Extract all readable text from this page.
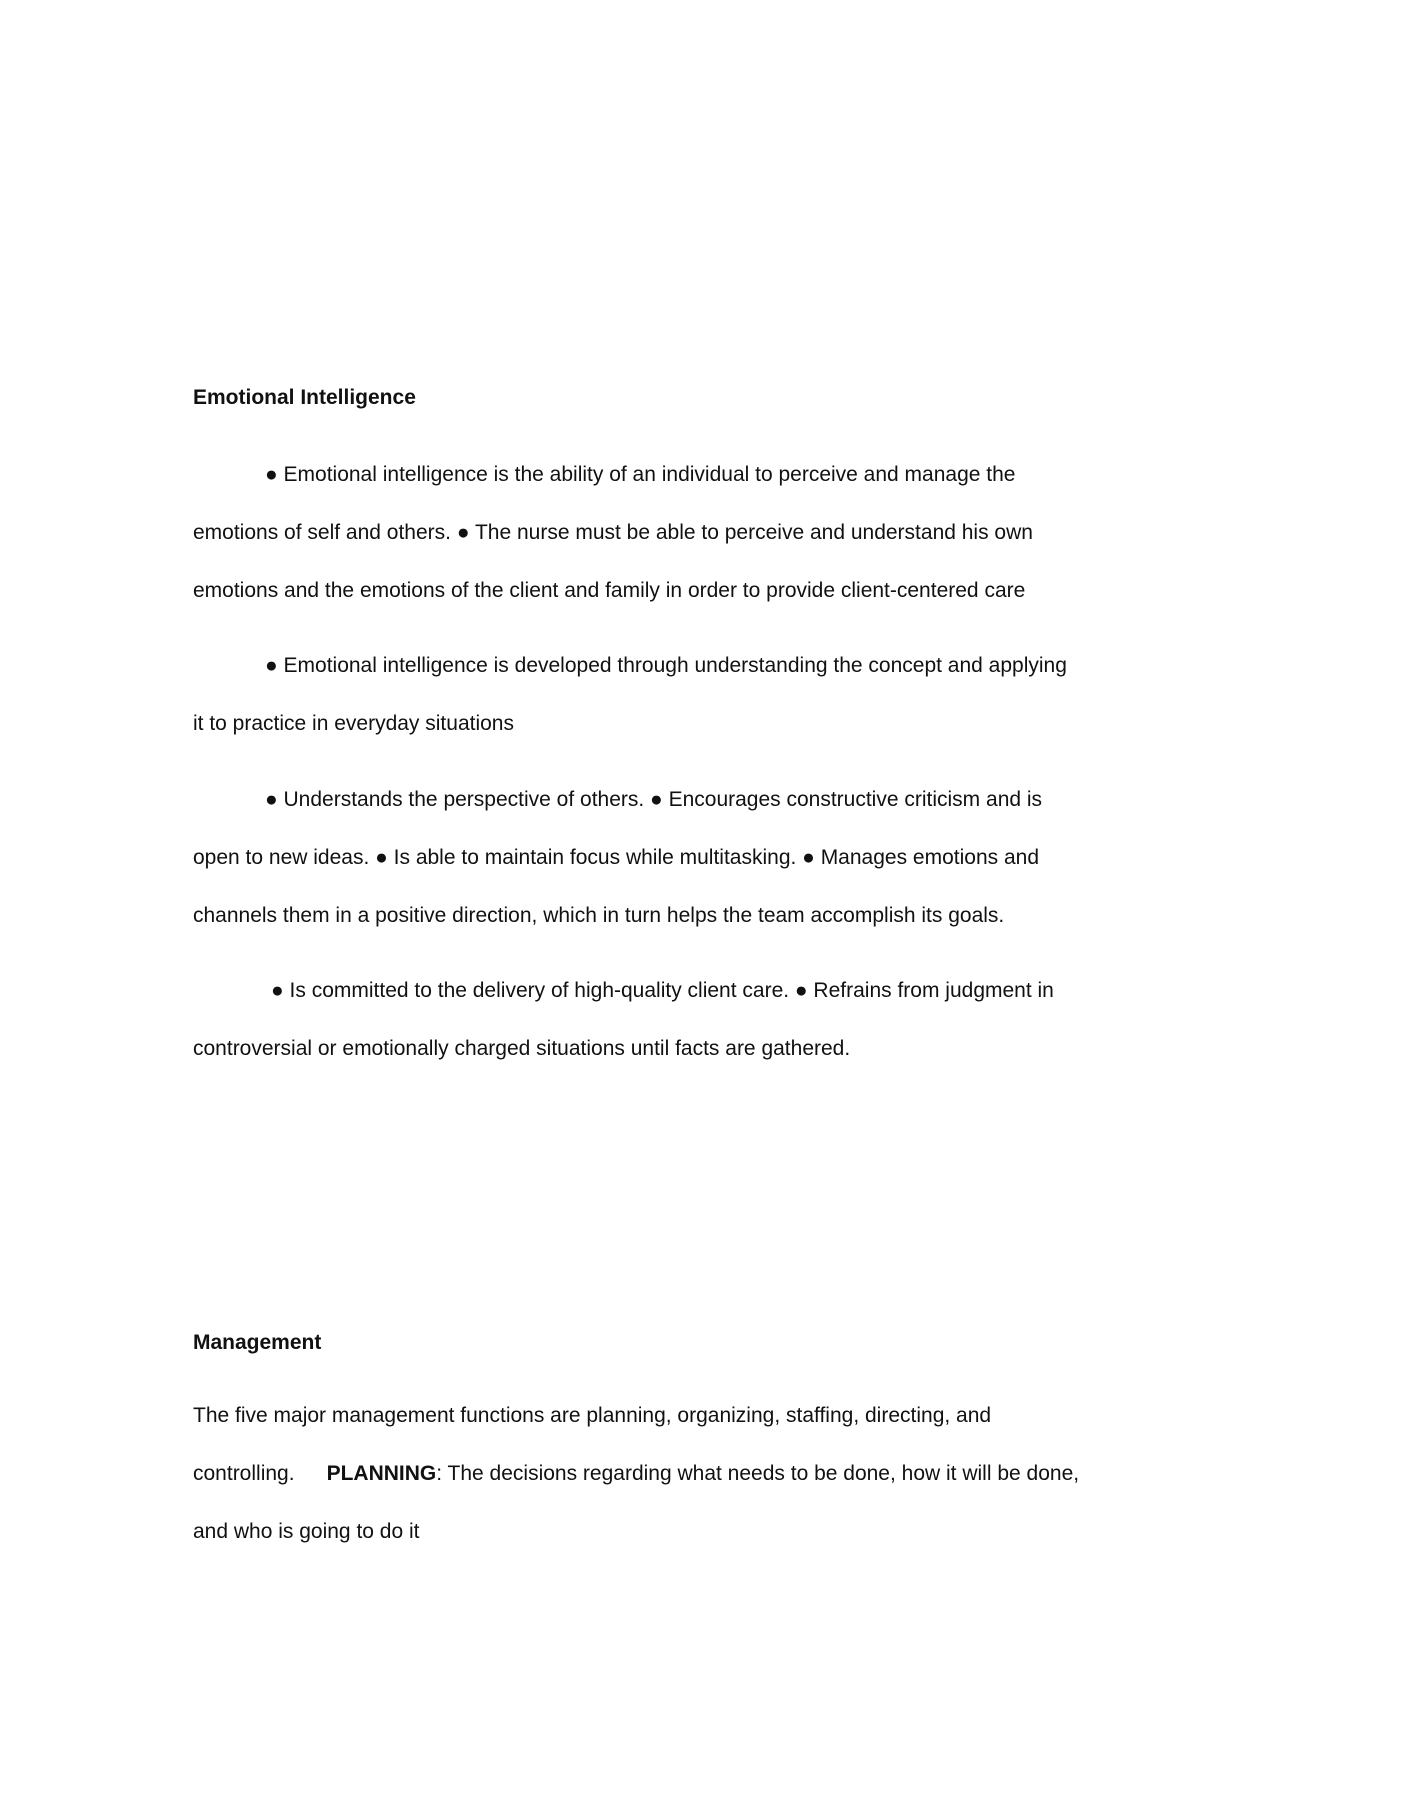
Emotional Intelligence

● Emotional intelligence is the ability of an individual to perceive and manage the
emotions of self and others. ● The nurse must be able to perceive and understand his own
emotions and the emotions of the client and family in order to provide client-centered care

● Emotional intelligence is developed through understanding the concept and applying
it to practice in everyday situations

● Understands the perspective of others. ● Encourages constructive criticism and is
open to new ideas. ● Is able to maintain focus while multitasking. ● Manages emotions and
channels them in a positive direction, which in turn helps the team accomplish its goals.

● Is committed to the delivery of high-quality client care. ● Refrains from judgment in
controversial or emotionally charged situations until facts are gathered.

Management

The five major management functions are planning, organizing, staffing, directing, and
controlling. PLANNING: The decisions regarding what needs to be done, how it will be done,
and who is going to do it
